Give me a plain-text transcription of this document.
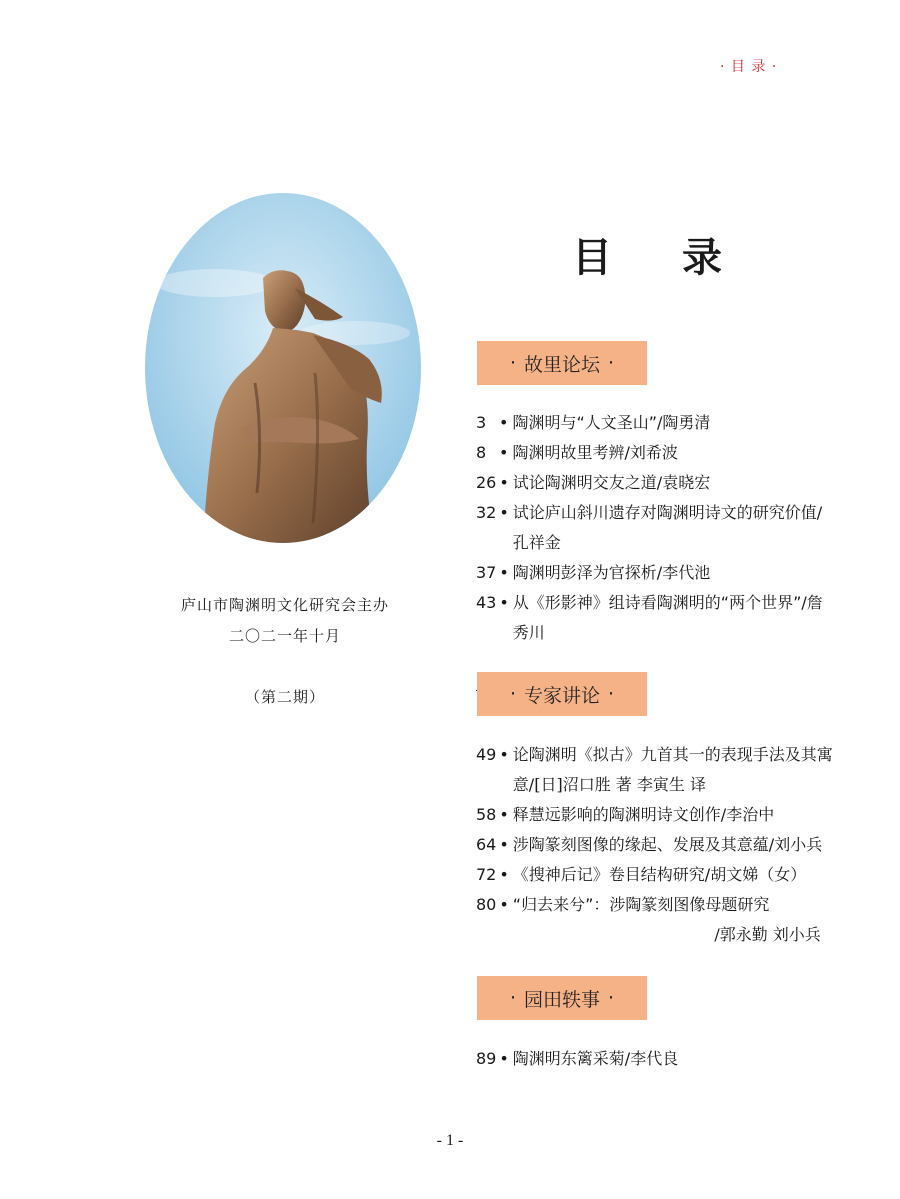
· 目 录 ·
庐山市陶渊明文化研究会主办
二〇二一年十月
（第二期）
目录
· 故里论坛 ·
3 • 陶渊明与“人文圣山”/陶勇清
8 • 陶渊明故里考辨/刘希波
26 • 试论陶渊明交友之道/袁晓宏
32 • 试论庐山斜川遗存对陶渊明诗文的研究价值/孔祥金
37 • 陶渊明彭泽为官探析/李代池
43 • 从《形影神》组诗看陶渊明的“两个世界”/詹秀川
· 专家讲论 ·
49 • 论陶渊明《拟古》九首其一的表现手法及其寓意/[日]沼口胜 著 李寅生 译
58 • 释慧远影响的陶渊明诗文创作/李治中
64 • 涉陶篆刻图像的缘起、发展及其意蕴/刘小兵
72 • 《搜神后记》卷目结构研究/胡文娣（女）
80 • “归去来兮”：涉陶篆刻图像母题研究
/郭永勤 刘小兵
· 园田轶事 ·
89 • 陶渊明东篱采菊/李代良
- 1 -
